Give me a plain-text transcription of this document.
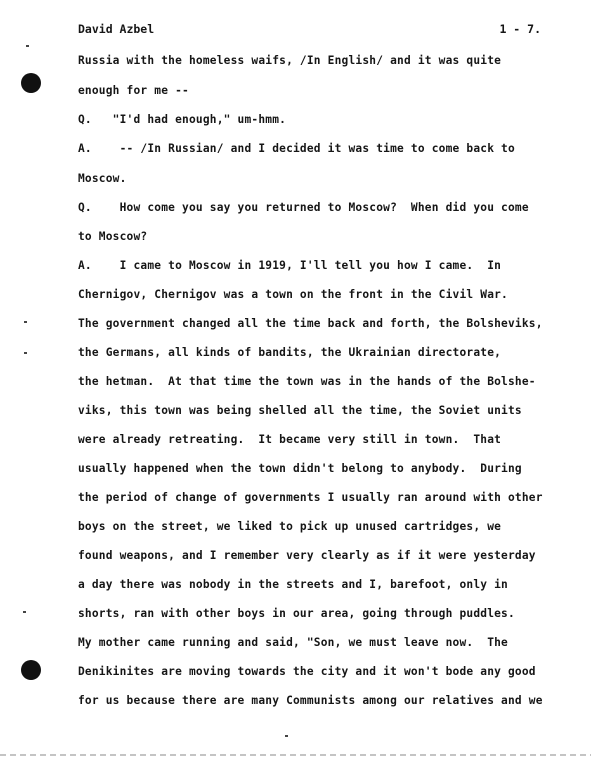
David Azbel	1 - 7.
Russia with the homeless waifs, /In English/ and it was quite
enough for me --
Q.   "I'd had enough," um-hmm.
A.    -- /In Russian/ and I decided it was time to come back to
Moscow.
Q.    How come you say you returned to Moscow?  When did you come
to Moscow?
A.    I came to Moscow in 1919, I'll tell you how I came.  In
Chernigov, Chernigov was a town on the front in the Civil War.
The government changed all the time back and forth, the Bolsheviks,
the Germans, all kinds of bandits, the Ukrainian directorate,
the hetman.  At that time the town was in the hands of the Bolshe-
viks, this town was being shelled all the time, the Soviet units
were already retreating.  It became very still in town.  That
usually happened when the town didn't belong to anybody.  During
the period of change of governments I usually ran around with other
boys on the street, we liked to pick up unused cartridges, we
found weapons, and I remember very clearly as if it were yesterday
a day there was nobody in the streets and I, barefoot, only in
shorts, ran with other boys in our area, going through puddles.
My mother came running and said, "Son, we must leave now.  The
Denikinites are moving towards the city and it won't bode any good
for us because there are many Communists among our relatives and we
